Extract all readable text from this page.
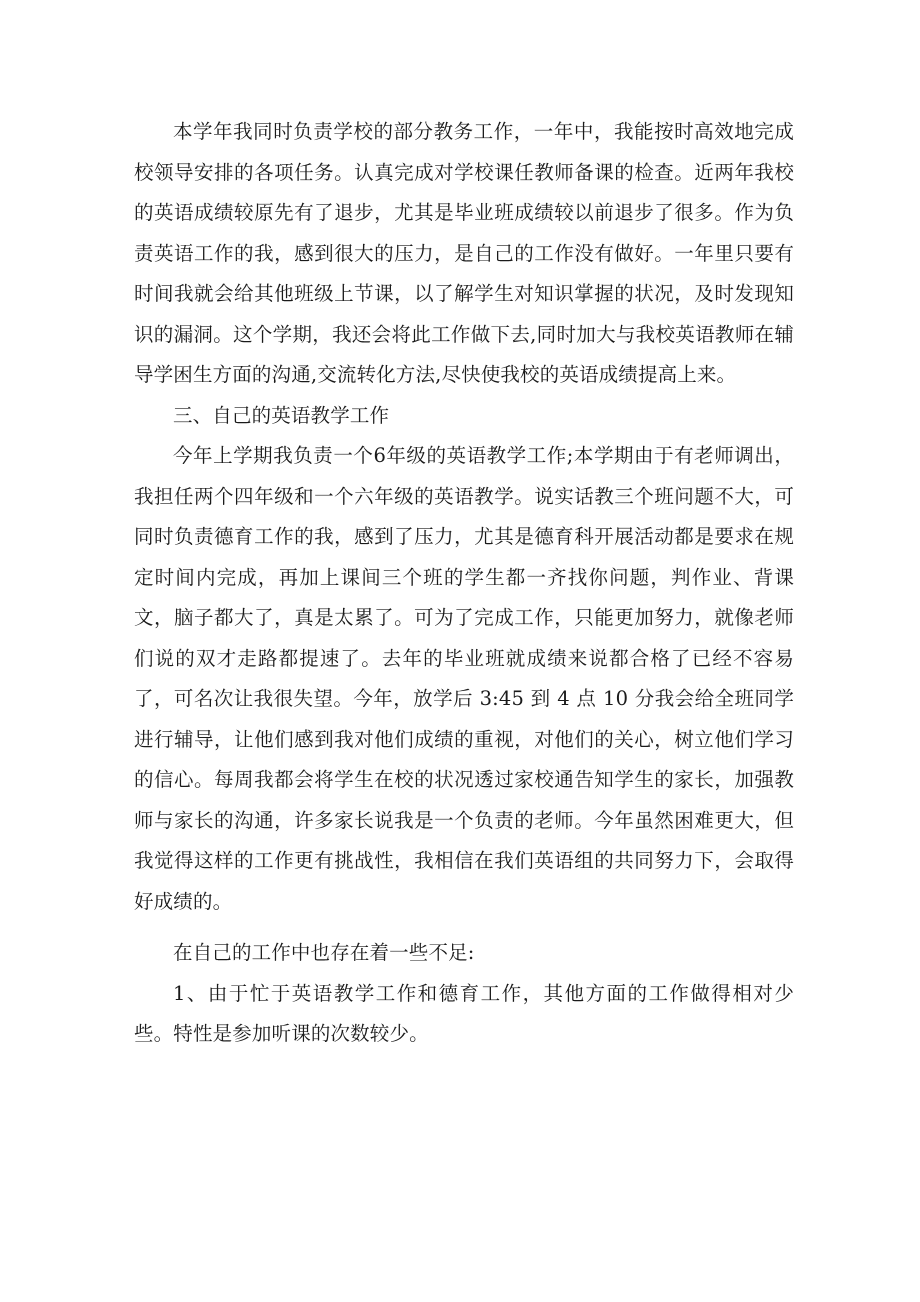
本学年我同时负责学校的部分教务工作，一年中，我能按时高效地完成校领导安排的各项任务。认真完成对学校课任教师备课的检查。近两年我校的英语成绩较原先有了退步，尤其是毕业班成绩较以前退步了很多。作为负责英语工作的我，感到很大的压力，是自己的工作没有做好。一年里只要有时间我就会给其他班级上节课，以了解学生对知识掌握的状况，及时发现知识的漏洞。这个学期，我还会将此工作做下去,同时加大与我校英语教师在辅导学困生方面的沟通,交流转化方法,尽快使我校的英语成绩提高上来。

三、自己的英语教学工作

今年上学期我负责一个6年级的英语教学工作;本学期由于有老师调出，我担任两个四年级和一个六年级的英语教学。说实话教三个班问题不大，可同时负责德育工作的我，感到了压力，尤其是德育科开展活动都是要求在规定时间内完成，再加上课间三个班的学生都一齐找你问题，判作业、背课文，脑子都大了，真是太累了。可为了完成工作，只能更加努力，就像老师们说的双才走路都提速了。去年的毕业班就成绩来说都合格了已经不容易了，可名次让我很失望。今年，放学后 3:45 到 4 点 10 分我会给全班同学进行辅导，让他们感到我对他们成绩的重视，对他们的关心，树立他们学习的信心。每周我都会将学生在校的状况透过家校通告知学生的家长，加强教师与家长的沟通，许多家长说我是一个负责的老师。今年虽然困难更大，但我觉得这样的工作更有挑战性，我相信在我们英语组的共同努力下，会取得好成绩的。

在自己的工作中也存在着一些不足:

1、由于忙于英语教学工作和德育工作，其他方面的工作做得相对少些。特性是参加听课的次数较少。
